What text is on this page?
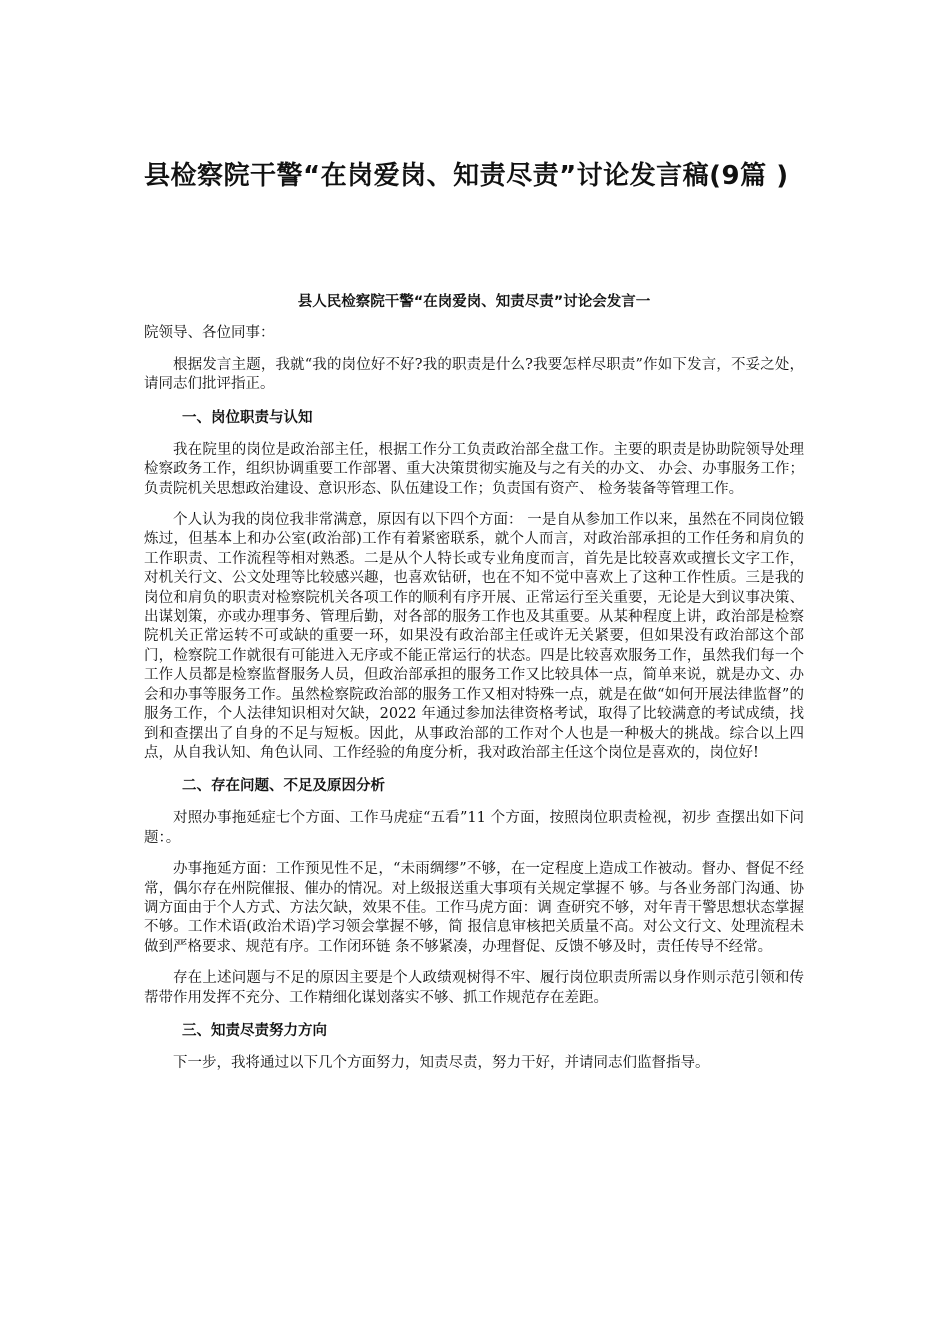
县检察院干警“在岗爱岗、知责尽责”讨论发言稿(9篇 )
县人民检察院干警“在岗爱岗、知责尽责”讨论会发言一
院领导、各位同事：

根据发言主题，我就“我的岗位好不好?我的职责是什么?我要怎样尽职责”作如下发言，不妥之处，请同志们批评指正。

一、岗位职责与认知

我在院里的岗位是政治部主任，根据工作分工负责政治部全盘工作。主要的职责是协助院领导处理检察政务工作，组织协调重要工作部署、重大决策贯彻实施及与之有关的办文、 办会、办事服务工作；负责院机关思想政治建设、意识形态、队伍建设工作；负责国有资产、 检务装备等管理工作。

个人认为我的岗位我非常满意，原因有以下四个方面： 一是自从参加工作以来，虽然在不同岗位锻炼过，但基本上和办公室(政治部)工作有着紧密联系，就个人而言，对政治部承担的工作任务和肩负的工作职责、工作流程等相对熟悉。二是从个人特长或专业角度而言，首先是比较喜欢或擅长文字工作，对机关行文、公文处理等比较感兴趣，也喜欢钻研，也在不知不觉中喜欢上了这种工作性质。三是我的岗位和肩负的职责对检察院机关各项工作的顺利有序开展、正常运行至关重要，无论是大到议事决策、出谋划策，亦或办理事务、管理后勤，对各部的服务工作也及其重要。从某种程度上讲，政治部是检察院机关正常运转不可或缺的重要一环，如果没有政治部主任或许无关紧要，但如果没有政治部这个部门，检察院工作就很有可能进入无序或不能正常运行的状态。四是比较喜欢服务工作，虽然我们每一个工作人员都是检察监督服务人员，但政治部承担的服务工作又比较具体一点，简单来说，就是办文、办会和办事等服务工作。虽然检察院政治部的服务工作又相对特殊一点，就是在做“如何开展法律监督”的服务工作，个人法律知识相对欠缺，2022 年通过参加法律资格考试，取得了比较满意的考试成绩，找到和查摆出了自身的不足与短板。因此，从事政治部的工作对个人也是一种极大的挑战。综合以上四点，从自我认知、角色认同、工作经验的角度分析，我对政治部主任这个岗位是喜欢的，岗位好!

二、存在问题、不足及原因分析

对照办事拖延症七个方面、工作马虎症“五看”11 个方面，按照岗位职责检视，初步 查摆出如下问题：。

办事拖延方面：工作预见性不足，“未雨绸缪”不够，在一定程度上造成工作被动。督办、督促不经常，偶尔存在州院催报、催办的情况。对上级报送重大事项有关规定掌握不 够。与各业务部门沟通、协调方面由于个人方式、方法欠缺，效果不佳。工作马虎方面：调 查研究不够，对年青干警思想状态掌握不够。工作术语(政治术语)学习领会掌握不够，简 报信息审核把关质量不高。对公文行文、处理流程未做到严格要求、规范有序。工作闭环链 条不够紧凑，办理督促、反馈不够及时，责任传导不经常。

存在上述问题与不足的原因主要是个人政绩观树得不牢、履行岗位职责所需以身作则示范引领和传帮带作用发挥不充分、工作精细化谋划落实不够、抓工作规范存在差距。

三、知责尽责努力方向

下一步，我将通过以下几个方面努力，知责尽责，努力干好，并请同志们监督指导。
